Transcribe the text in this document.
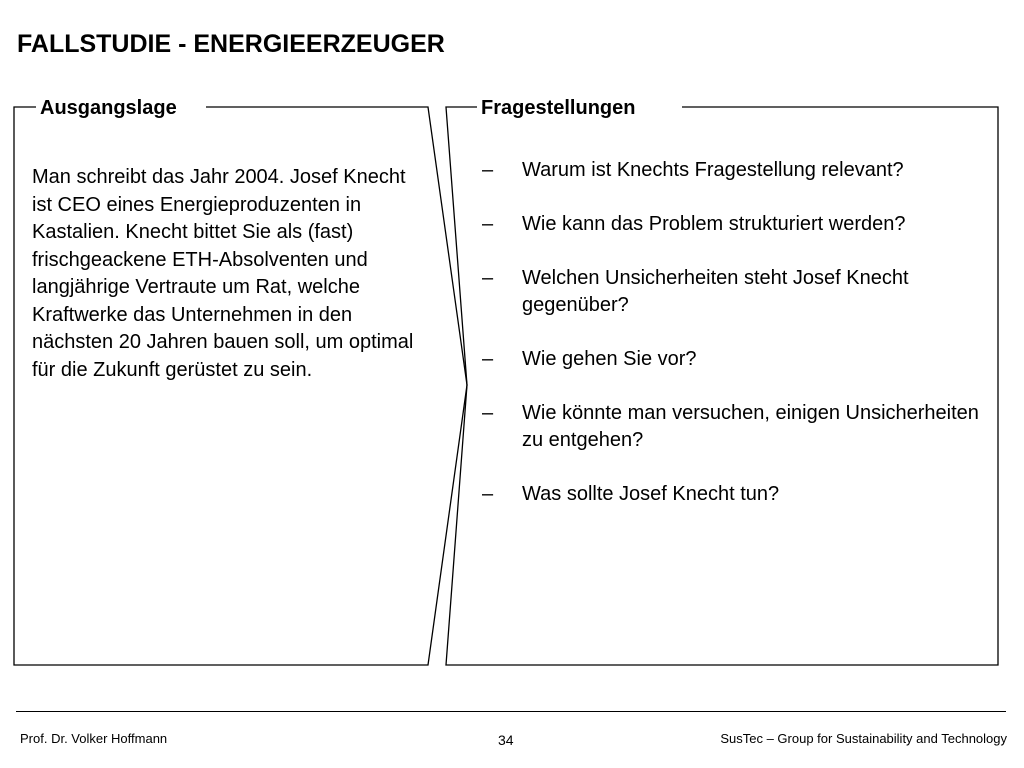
FALLSTUDIE - ENERGIEERZEUGER
Ausgangslage	Fragestellungen

Man schreibt das Jahr 2004. Josef Knecht ist CEO eines Energieproduzenten in Kastalien. Knecht bittet Sie als (fast) frischgeackene ETH-Absolventen und langjährige Vertraute um Rat, welche Kraftwerke das Unternehmen in den nächsten 20 Jahren bauen soll, um optimal für die Zukunft gerüstet zu sein.

–	Warum ist Knechts Fragestellung relevant?
–	Wie kann das Problem strukturiert werden?
–	Welchen Unsicherheiten steht Josef Knecht gegenüber?
–	Wie gehen Sie vor?
–	Wie könnte man versuchen, einigen Unsicherheiten zu entgehen?
–	Was sollte Josef Knecht tun?

Prof. Dr. Volker Hoffmann	34	SusTec – Group for Sustainability and Technology
